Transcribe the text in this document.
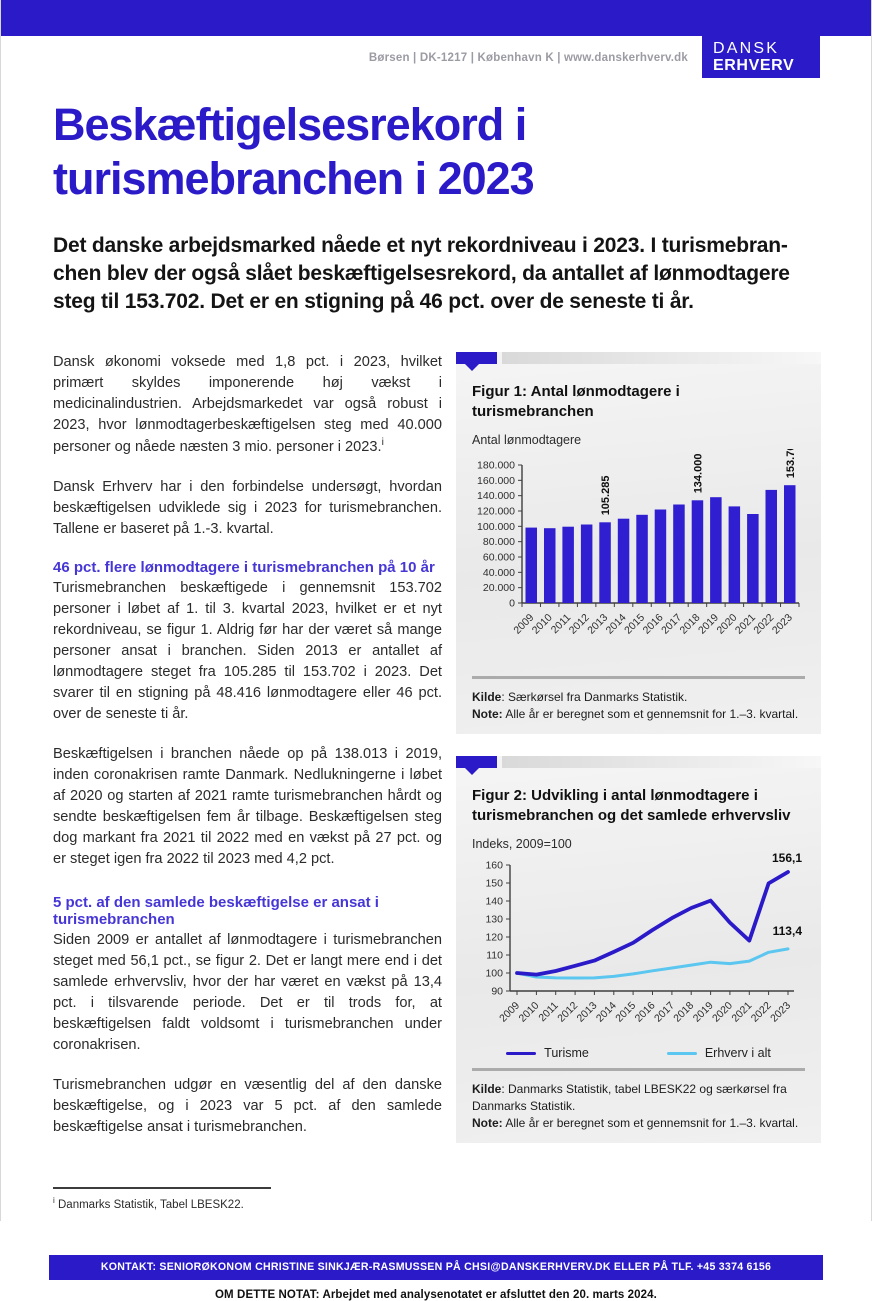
Børsen | DK-1217 | København K | www.danskerhverv.dk
DANSK
ERHVERV
Beskæftigelsesrekord i turismebranchen i 2023

Det danske arbejdsmarked nåede et nyt rekordniveau i 2023. I turismebranchen blev der også slået beskæftigelsesrekord, da antallet af lønmodtagere steg til 153.702. Det er en stigning på 46 pct. over de seneste ti år.

Dansk økonomi voksede med 1,8 pct. i 2023, hvilket primært skyldes imponerende høj vækst i medicinalindustrien. Arbejdsmarkedet var også robust i 2023, hvor lønmodtagerbeskæftigelsen steg med 40.000 personer og nåede næsten 3 mio. personer i 2023.$^i$

Dansk Erhverv har i den forbindelse undersøgt, hvordan beskæftigelsen udviklede sig i 2023 for turismebranchen. Tallene er baseret på 1.-3. kvartal.

46 pct. flere lønmodtagere i turismebranchen på 10 år

Turismebranchen beskæftigede i gennemsnit 153.702 personer i løbet af 1. til 3. kvartal 2023, hvilket er et nyt rekordniveau, se figur 1. Aldrig før har der været så mange personer ansat i branchen. Siden 2013 er antallet af lønmodtagere steget fra 105.285 til 153.702 i 2023. Det svarer til en stigning på 48.416 lønmodtagere eller 46 pct. over de seneste ti år.

Beskæftigelsen i branchen nåede op på 138.013 i 2019, inden coronakrisen ramte Danmark. Nedlukningerne i løbet af 2020 og starten af 2021 ramte turismebranchen hårdt og sendte beskæftigelsen fem år tilbage. Beskæftigelsen steg dog markant fra 2021 til 2022 med en vækst på 27 pct. og er steget igen fra 2022 til 2023 med 4,2 pct.

5 pct. af den samlede beskæftigelse er ansat i turismebranchen

Siden 2009 er antallet af lønmodtagere i turismebranchen steget med 56,1 pct., se figur 2. Det er langt mere end i det samlede erhvervsliv, hvor der har været en vækst på 13,4 pct. i tilsvarende periode. Det er til trods for, at beskæftigelsen faldt voldsomt i turismebranchen under coronakrisen.

Turismebranchen udgør en væsentlig del af den danske beskæftigelse, og i 2023 var 5 pct. af den samlede beskæftigelse ansat i turismebranchen.

Figur 1: Antal lønmodtagere i turismebranchen
Antal lønmodtagere
0
20.000
40.000
60.000
80.000
100.000
120.000
140.000
160.000
180.000
2009
2010
2011
2012
105.285
2013
2014
2015
2016
2017
134.000
2018
2019
2020
2021
2022
153.702
2023
Kilde: Særkørsel fra Danmarks Statistik.
Note: Alle år er beregnet som et gennemsnit for 1.–3. kvartal.
Figur 2: Udvikling i antal lønmodtagere i turismebranchen og det samlede erhvervsliv
Indeks, 2009=100
90
100
110
120
130
140
150
160
2009
2010
2011
2012
2013
2014
2015
2016
2017
2018
2019
2020
2021
2022
2023
113,4
156,1
Turisme	Erhverv i alt
Kilde: Danmarks Statistik, tabel LBESK22 og særkørsel fra Danmarks Statistik.
Note: Alle år er beregnet som et gennemsnit for 1.–3. kvartal.
$^i$ Danmarks Statistik, Tabel LBESK22.
KONTAKT: SENIORØKONOM CHRISTINE SINKJÆR-RASMUSSEN PÅ CHSI@DANSKERHVERV.DK ELLER PÅ TLF. +45 3374 6156
OM DETTE NOTAT: Arbejdet med analysenotatet er afsluttet den 20. marts 2024.
